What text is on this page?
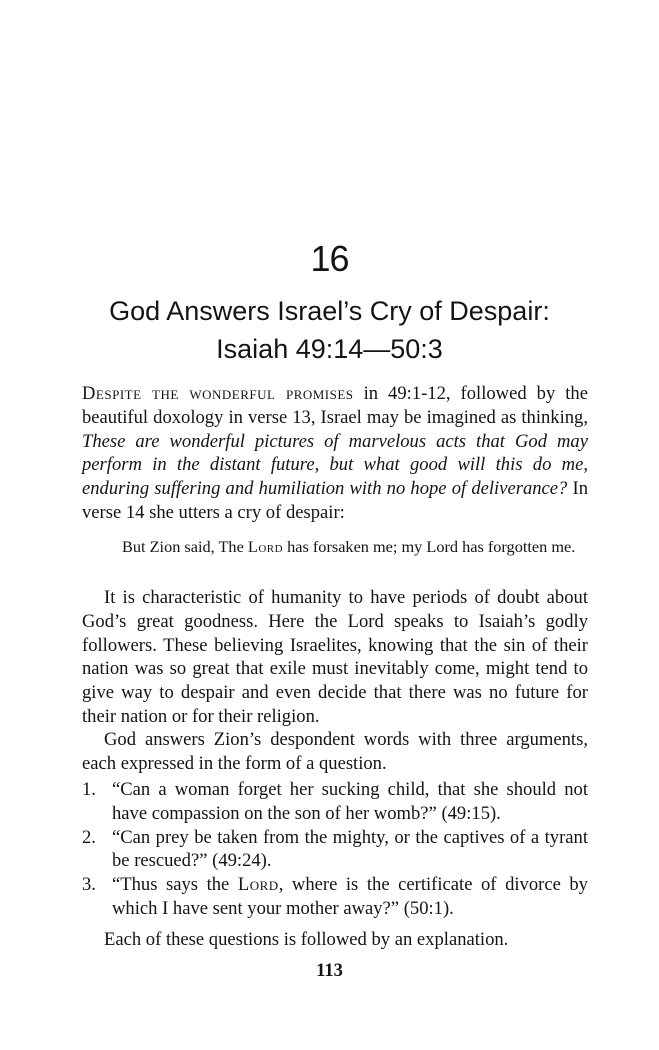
16
God Answers Israel’s Cry of Despair:
Isaiah 49:14—50:3
Despite the wonderful promises in 49:1-12, followed by the beautiful doxology in verse 13, Israel may be imagined as thinking, These are wonderful pictures of marvelous acts that God may perform in the distant future, but what good will this do me, enduring suffering and humiliation with no hope of deliverance? In verse 14 she utters a cry of despair:
But Zion said, The Lord has forsaken me; my Lord has forgotten me.
It is characteristic of humanity to have periods of doubt about God’s great goodness. Here the Lord speaks to Isaiah’s godly followers. These believing Israelites, knowing that the sin of their nation was so great that exile must inevitably come, might tend to give way to despair and even decide that there was no future for their nation or for their religion.
God answers Zion’s despondent words with three arguments, each expressed in the form of a question.
1. “Can a woman forget her sucking child, that she should not have compassion on the son of her womb?” (49:15).
2. “Can prey be taken from the mighty, or the captives of a tyrant be rescued?” (49:24).
3. “Thus says the Lord, where is the certificate of divorce by which I have sent your mother away?” (50:1).
Each of these questions is followed by an explanation.
113
